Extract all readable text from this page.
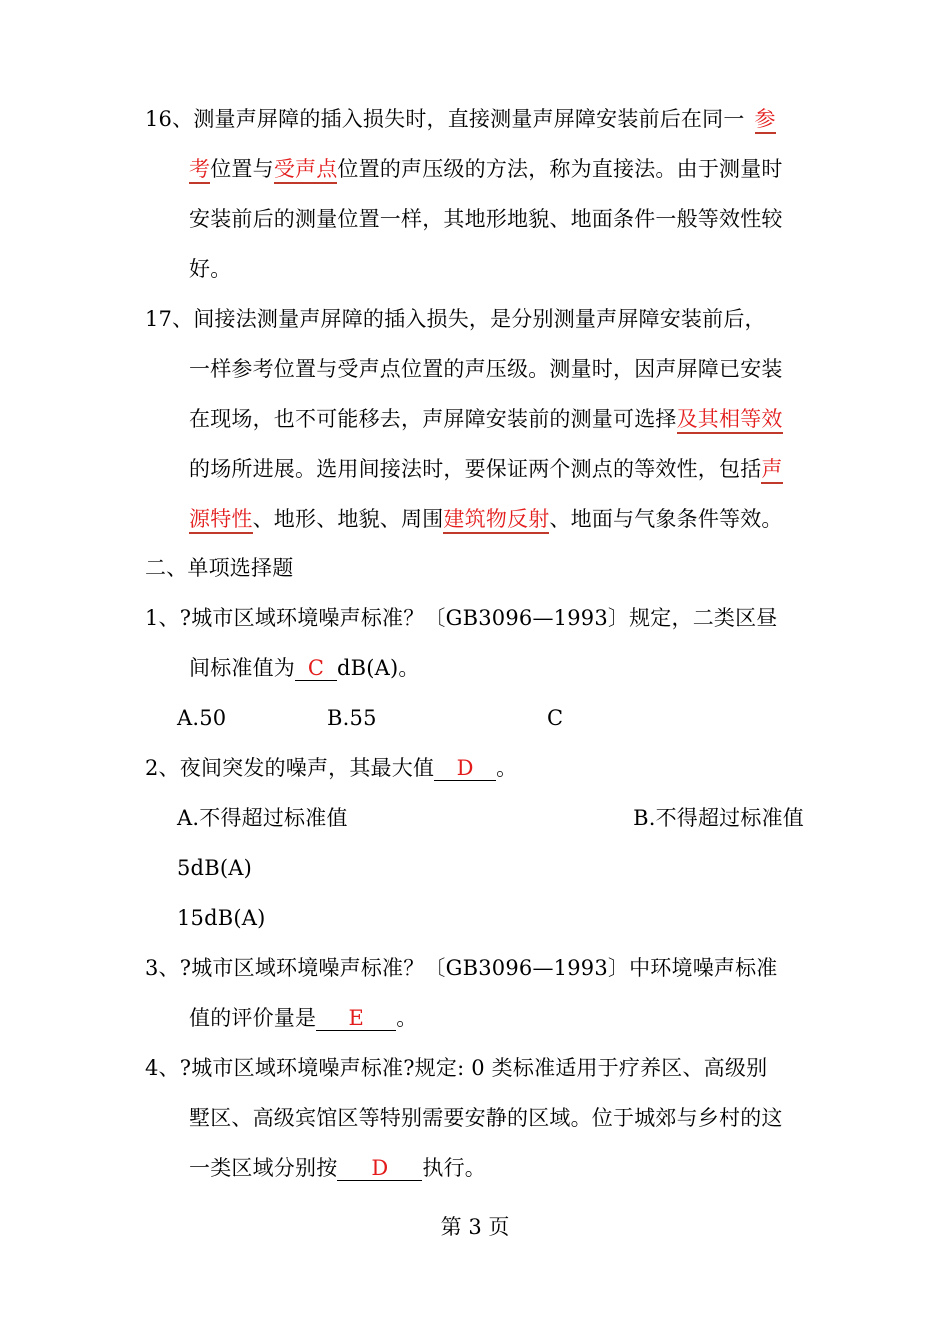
16、测量声屏障的插入损失时，直接测量声屏障安装前后在同一 参
考位置与受声点位置的声压级的方法，称为直接法。由于测量时
安装前后的测量位置一样，其地形地貌、地面条件一般等效性较
好。
17、间接法测量声屏障的插入损失，是分别测量声屏障安装前后，
一样参考位置与受声点位置的声压级。测量时，因声屏障已安装
在现场，也不可能移去，声屏障安装前的测量可选择及其相等效
的场所进展。选用间接法时，要保证两个测点的等效性，包括声
源特性、地形、地貌、周围建筑物反射、地面与气象条件等效。
二、单项选择题
1、?城市区域环境噪声标准？〔GB3096—1993〕规定，二类区昼
间标准值为 C dB(A)。
A.50	B.55	C
2、夜间突发的噪声，其最大值 D 。
A.不得超过标准值	B.不得超过标准值
5dB(A)
15dB(A)
3、?城市区域环境噪声标准？〔GB3096—1993〕中环境噪声标准
值的评价量是 E 。
4、?城市区域环境噪声标准?规定: 0 类标准适用于疗养区、高级别
墅区、高级宾馆区等特别需要安静的区域。位于城郊与乡村的这
一类区域分别按 D 执行。
第 3 页
